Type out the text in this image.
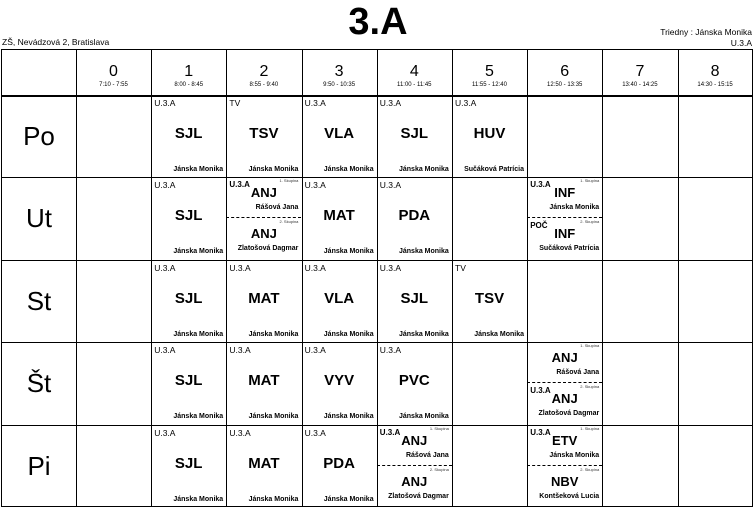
3.A
ZŠ, Nevádzová 2, Bratislava
Triedny : Jánska Monika
U.3.A
0
7:10 - 7:55
1
8:00 - 8:45
2
8:55 - 9:40
3
9:50 - 10:35
4
11:00 - 11:45
5
11:55 - 12:40
6
12:50 - 13:35
7
13:40 - 14:25
8
14:30 - 15:15
Po
Ut
St
Št
Pi
U.3.A
SJL
Jánska Monika
TV
TSV
Jánska Monika
U.3.A
VLA
Jánska Monika
U.3.A
SJL
Jánska Monika
U.3.A
HUV
Sučáková Patrícia
U.3.A
SJL
Jánska Monika
1. Skupina
U.3.A
ANJ
Rášová Jana
2. Skupina
ANJ
Zlatošová Dagmar
U.3.A
MAT
Jánska Monika
U.3.A
PDA
Jánska Monika
1. Skupina
U.3.A
INF
Jánska Monika
2. Skupina
POČ
INF
Sučáková Patrícia
U.3.A
SJL
Jánska Monika
U.3.A
MAT
Jánska Monika
U.3.A
VLA
Jánska Monika
U.3.A
SJL
Jánska Monika
TV
TSV
Jánska Monika
U.3.A
SJL
Jánska Monika
U.3.A
MAT
Jánska Monika
U.3.A
VYV
Jánska Monika
U.3.A
PVC
Jánska Monika
1. Skupina
ANJ
Rášová Jana
2. Skupina
U.3.A
ANJ
Zlatošová Dagmar
U.3.A
SJL
Jánska Monika
U.3.A
MAT
Jánska Monika
U.3.A
PDA
Jánska Monika
1. Skupina
U.3.A
ANJ
Rášová Jana
2. Skupina
ANJ
Zlatošová Dagmar
1. Skupina
U.3.A
ETV
Jánska Monika
2. Skupina
NBV
Kontšeková Lucia
